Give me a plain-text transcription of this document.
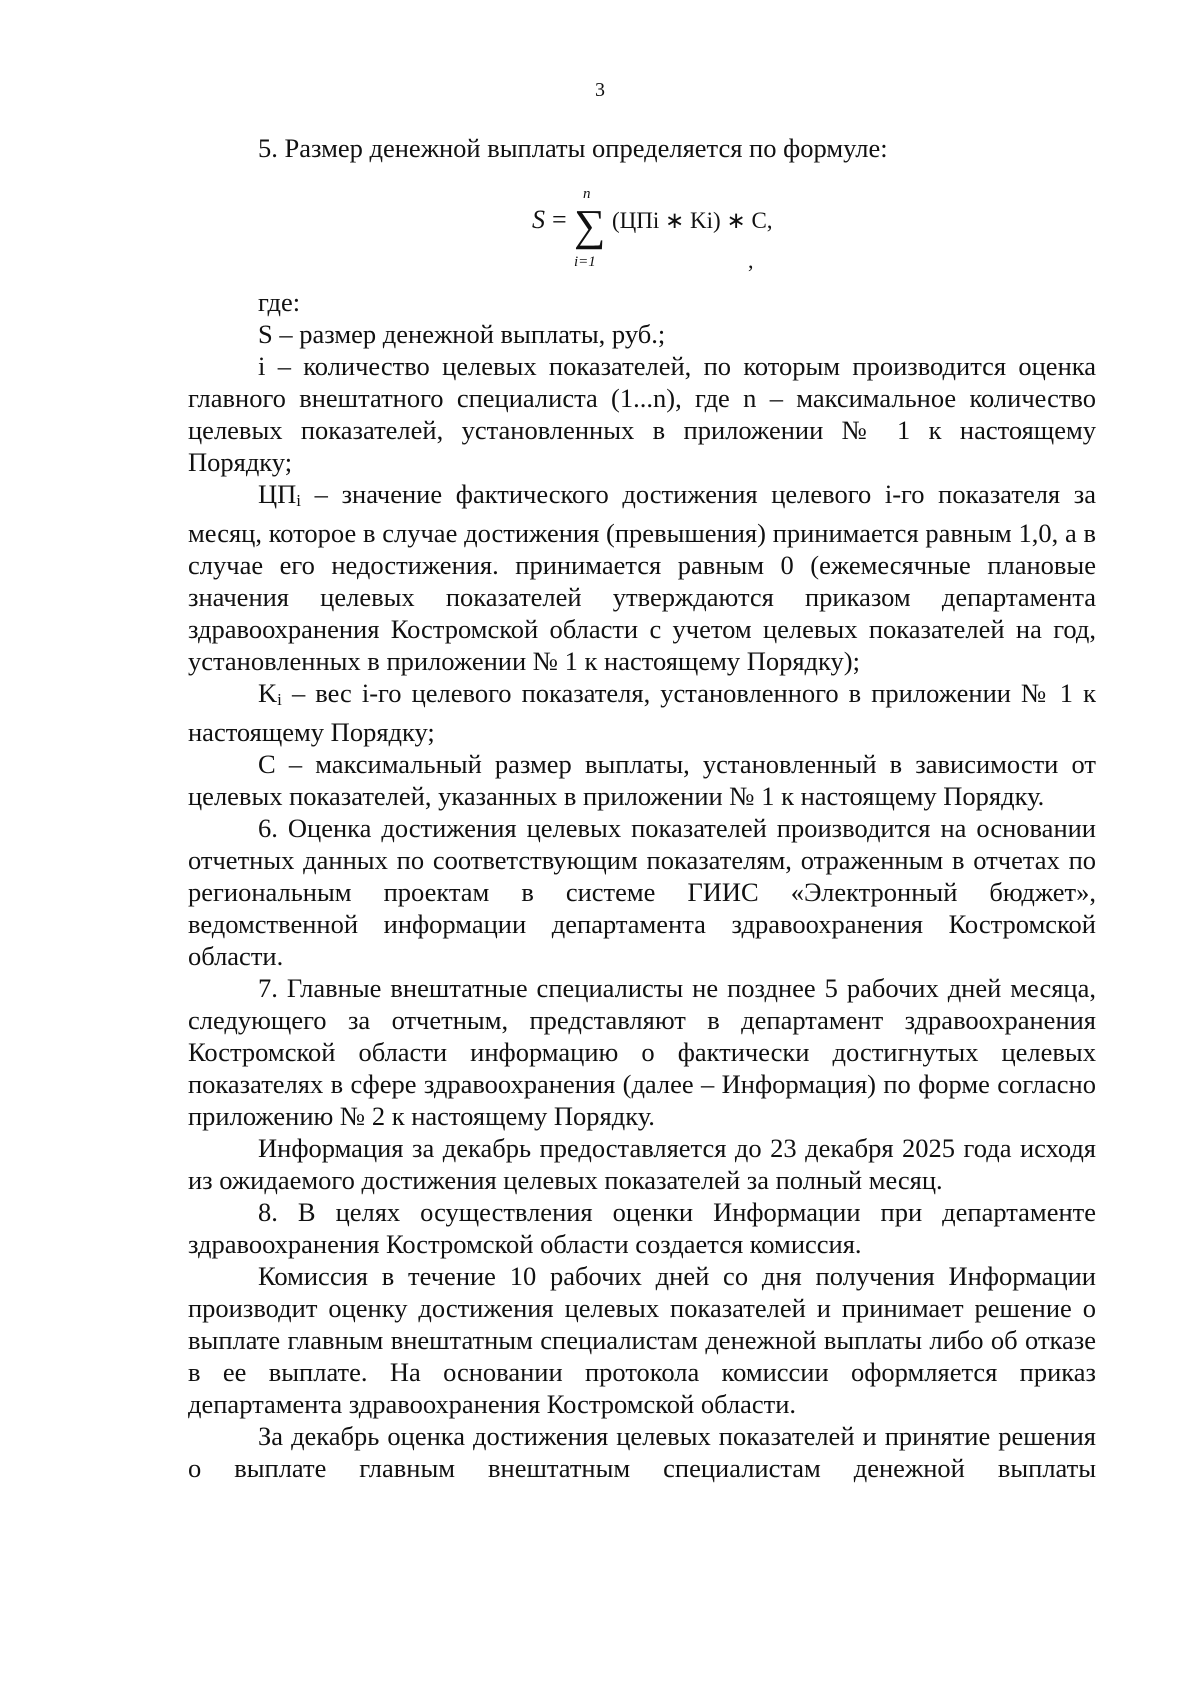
3

5. Размер денежной выплаты определяется по формуле:

S =
n
∑
i=1
(ЦПi ∗ Ki) ∗ C,
,

где:

S – размер денежной выплаты, руб.;

i – количество целевых показателей, по которым производится оценка главного внештатного специалиста (1...n), где n – максимальное количество целевых показателей, установленных в приложении № 1 к настоящему Порядку;

ЦПi – значение фактического достижения целевого i-го показателя за месяц, которое в случае достижения (превышения) принимается равным 1,0, а в случае его недостижения. принимается равным 0 (ежемесячные плановые значения целевых показателей утверждаются приказом департамента здравоохранения Костромской области с учетом целевых показателей на год, установленных в приложении № 1 к настоящему Порядку);

Ki – вес i-го целевого показателя, установленного в приложении № 1 к настоящему Порядку;

С – максимальный размер выплаты, установленный в зависимости от целевых показателей, указанных в приложении № 1 к настоящему Порядку.

6. Оценка достижения целевых показателей производится на основании отчетных данных по соответствующим показателям, отраженным в отчетах по региональным проектам в системе ГИИС «Электронный бюджет», ведомственной информации департамента здравоохранения Костромской области.

7. Главные внештатные специалисты не позднее 5 рабочих дней месяца, следующего за отчетным, представляют в департамент здравоохранения Костромской области информацию о фактически достигнутых целевых показателях в сфере здравоохранения (далее – Информация) по форме согласно приложению № 2 к настоящему Порядку.

Информация за декабрь предоставляется до 23 декабря 2025 года исходя из ожидаемого достижения целевых показателей за полный месяц.

8. В целях осуществления оценки Информации при департаменте здравоохранения Костромской области создается комиссия.

Комиссия в течение 10 рабочих дней со дня получения Информации производит оценку достижения целевых показателей и принимает решение о выплате главным внештатным специалистам денежной выплаты либо об отказе в ее выплате. На основании протокола комиссии оформляется приказ департамента здравоохранения Костромской области.

За декабрь оценка достижения целевых показателей и принятие решения о выплате главным внештатным специалистам денежной выплаты
